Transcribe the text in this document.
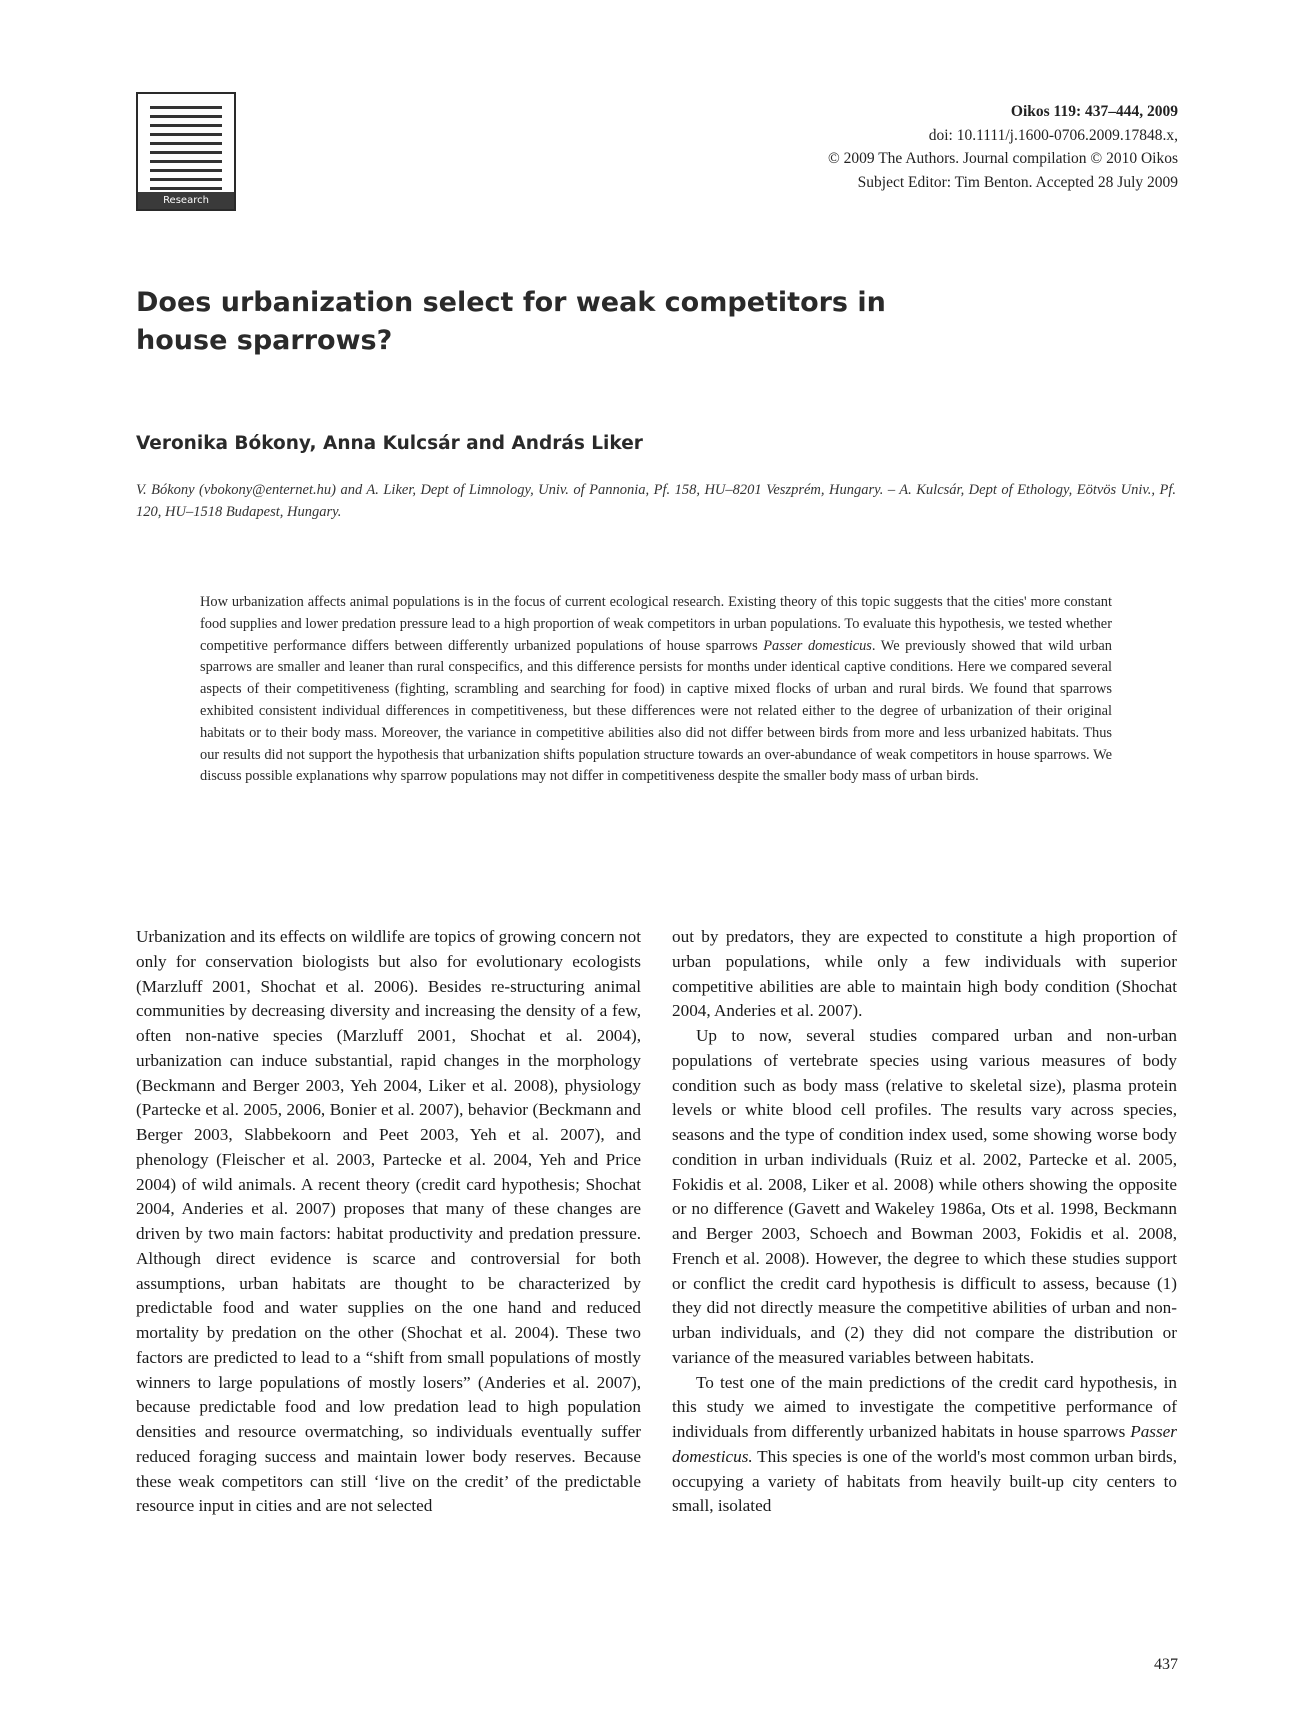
Research
Oikos 119: 437–444, 2009
doi: 10.1111/j.1600-0706.2009.17848.x,
© 2009 The Authors. Journal compilation © 2010 Oikos
Subject Editor: Tim Benton. Accepted 28 July 2009
Does urbanization select for weak competitors in house sparrows?
Veronika Bókony, Anna Kulcsár and András Liker

V. Bókony (vbokony@enternet.hu) and A. Liker, Dept of Limnology, Univ. of Pannonia, Pf. 158, HU–8201 Veszprém, Hungary. – A. Kulcsár, Dept of Ethology, Eötvös Univ., Pf. 120, HU–1518 Budapest, Hungary.

How urbanization affects animal populations is in the focus of current ecological research. Existing theory of this topic suggests that the cities' more constant food supplies and lower predation pressure lead to a high proportion of weak competitors in urban populations. To evaluate this hypothesis, we tested whether competitive performance differs between differently urbanized populations of house sparrows Passer domesticus. We previously showed that wild urban sparrows are smaller and leaner than rural conspecifics, and this difference persists for months under identical captive conditions. Here we compared several aspects of their competitiveness (fighting, scrambling and searching for food) in captive mixed flocks of urban and rural birds. We found that sparrows exhibited consistent individual differences in competitiveness, but these differences were not related either to the degree of urbanization of their original habitats or to their body mass. Moreover, the variance in competitive abilities also did not differ between birds from more and less urbanized habitats. Thus our results did not support the hypothesis that urbanization shifts population structure towards an over-abundance of weak competitors in house sparrows. We discuss possible explanations why sparrow populations may not differ in competitiveness despite the smaller body mass of urban birds.

Urbanization and its effects on wildlife are topics of growing concern not only for conservation biologists but also for evolutionary ecologists (Marzluff 2001, Shochat et al. 2006). Besides re-structuring animal communities by decreasing diversity and increasing the density of a few, often non-native species (Marzluff 2001, Shochat et al. 2004), urbanization can induce substantial, rapid changes in the morphology (Beckmann and Berger 2003, Yeh 2004, Liker et al. 2008), physiology (Partecke et al. 2005, 2006, Bonier et al. 2007), behavior (Beckmann and Berger 2003, Slabbekoorn and Peet 2003, Yeh et al. 2007), and phenology (Fleischer et al. 2003, Partecke et al. 2004, Yeh and Price 2004) of wild animals. A recent theory (credit card hypothesis; Shochat 2004, Anderies et al. 2007) proposes that many of these changes are driven by two main factors: habitat productivity and predation pressure. Although direct evidence is scarce and controversial for both assumptions, urban habitats are thought to be characterized by predictable food and water supplies on the one hand and reduced mortality by predation on the other (Shochat et al. 2004). These two factors are predicted to lead to a “shift from small populations of mostly winners to large populations of mostly losers” (Anderies et al. 2007), because predictable food and low predation lead to high population densities and resource overmatching, so individuals eventually suffer reduced foraging success and maintain lower body reserves. Because these weak competitors can still ‘live on the credit’ of the predictable resource input in cities and are not selected

out by predators, they are expected to constitute a high proportion of urban populations, while only a few individuals with superior competitive abilities are able to maintain high body condition (Shochat 2004, Anderies et al. 2007).

Up to now, several studies compared urban and non-urban populations of vertebrate species using various measures of body condition such as body mass (relative to skeletal size), plasma protein levels or white blood cell profiles. The results vary across species, seasons and the type of condition index used, some showing worse body condition in urban individuals (Ruiz et al. 2002, Partecke et al. 2005, Fokidis et al. 2008, Liker et al. 2008) while others showing the opposite or no difference (Gavett and Wakeley 1986a, Ots et al. 1998, Beckmann and Berger 2003, Schoech and Bowman 2003, Fokidis et al. 2008, French et al. 2008). However, the degree to which these studies support or conflict the credit card hypothesis is difficult to assess, because (1) they did not directly measure the competitive abilities of urban and non-urban individuals, and (2) they did not compare the distribution or variance of the measured variables between habitats.

To test one of the main predictions of the credit card hypothesis, in this study we aimed to investigate the competitive performance of individuals from differently urbanized habitats in house sparrows Passer domesticus. This species is one of the world's most common urban birds, occupying a variety of habitats from heavily built-up city centers to small, isolated

437
